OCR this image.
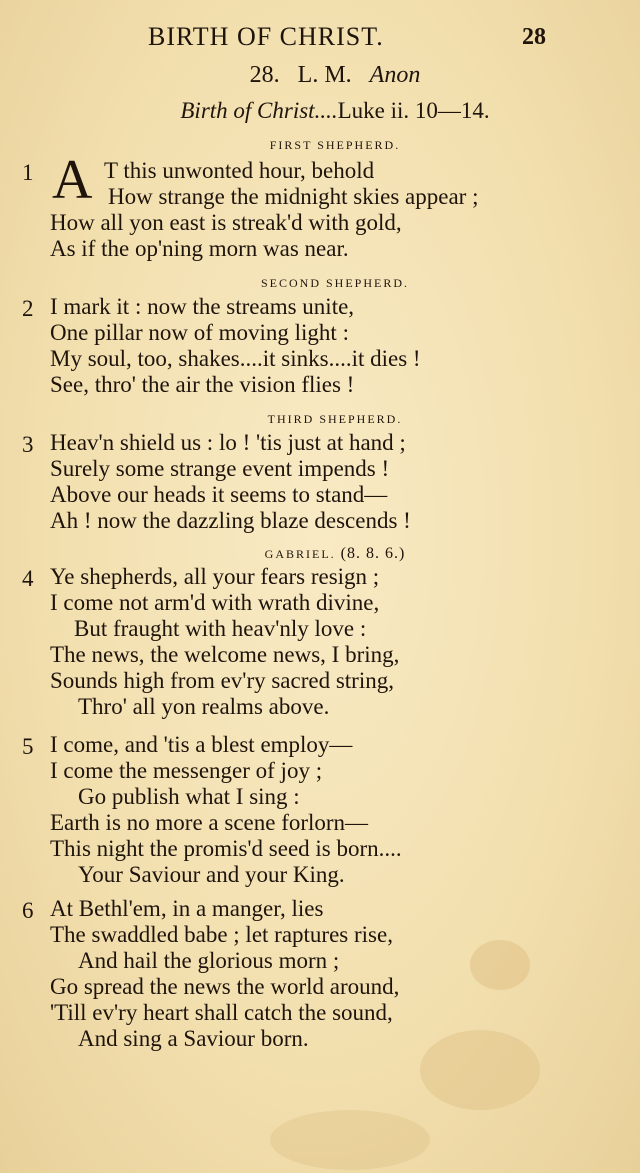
BIRTH OF CHRIST.	28
28. L. M. Anon
Birth of Christ....Luke ii. 10—14.
FIRST SHEPHERD.
1 A T this unwonted hour, behold
How strange the midnight skies appear ;
How all yon east is streak'd with gold,
As if the op'ning morn was near.
SECOND SHEPHERD.
2 I mark it : now the streams unite,
One pillar now of moving light :
My soul, too, shakes....it sinks....it dies !
See, thro' the air the vision flies !
THIRD SHEPHERD.
3 Heav'n shield us : lo ! 'tis just at hand ;
Surely some strange event impends !
Above our heads it seems to stand—
Ah ! now the dazzling blaze descends !
GABRIEL. (8. 8. 6.)
4 Ye shepherds, all your fears resign ;
I come not arm'd with wrath divine,
But fraught with heav'nly love :
The news, the welcome news, I bring,
Sounds high from ev'ry sacred string,
Thro' all yon realms above.
5 I come, and 'tis a blest employ—
I come the messenger of joy ;
Go publish what I sing :
Earth is no more a scene forlorn—
This night the promis'd seed is born....
Your Saviour and your King.
6 At Bethl'em, in a manger, lies
The swaddled babe ; let raptures rise,
And hail the glorious morn ;
Go spread the news the world around,
'Till ev'ry heart shall catch the sound,
And sing a Saviour born.
